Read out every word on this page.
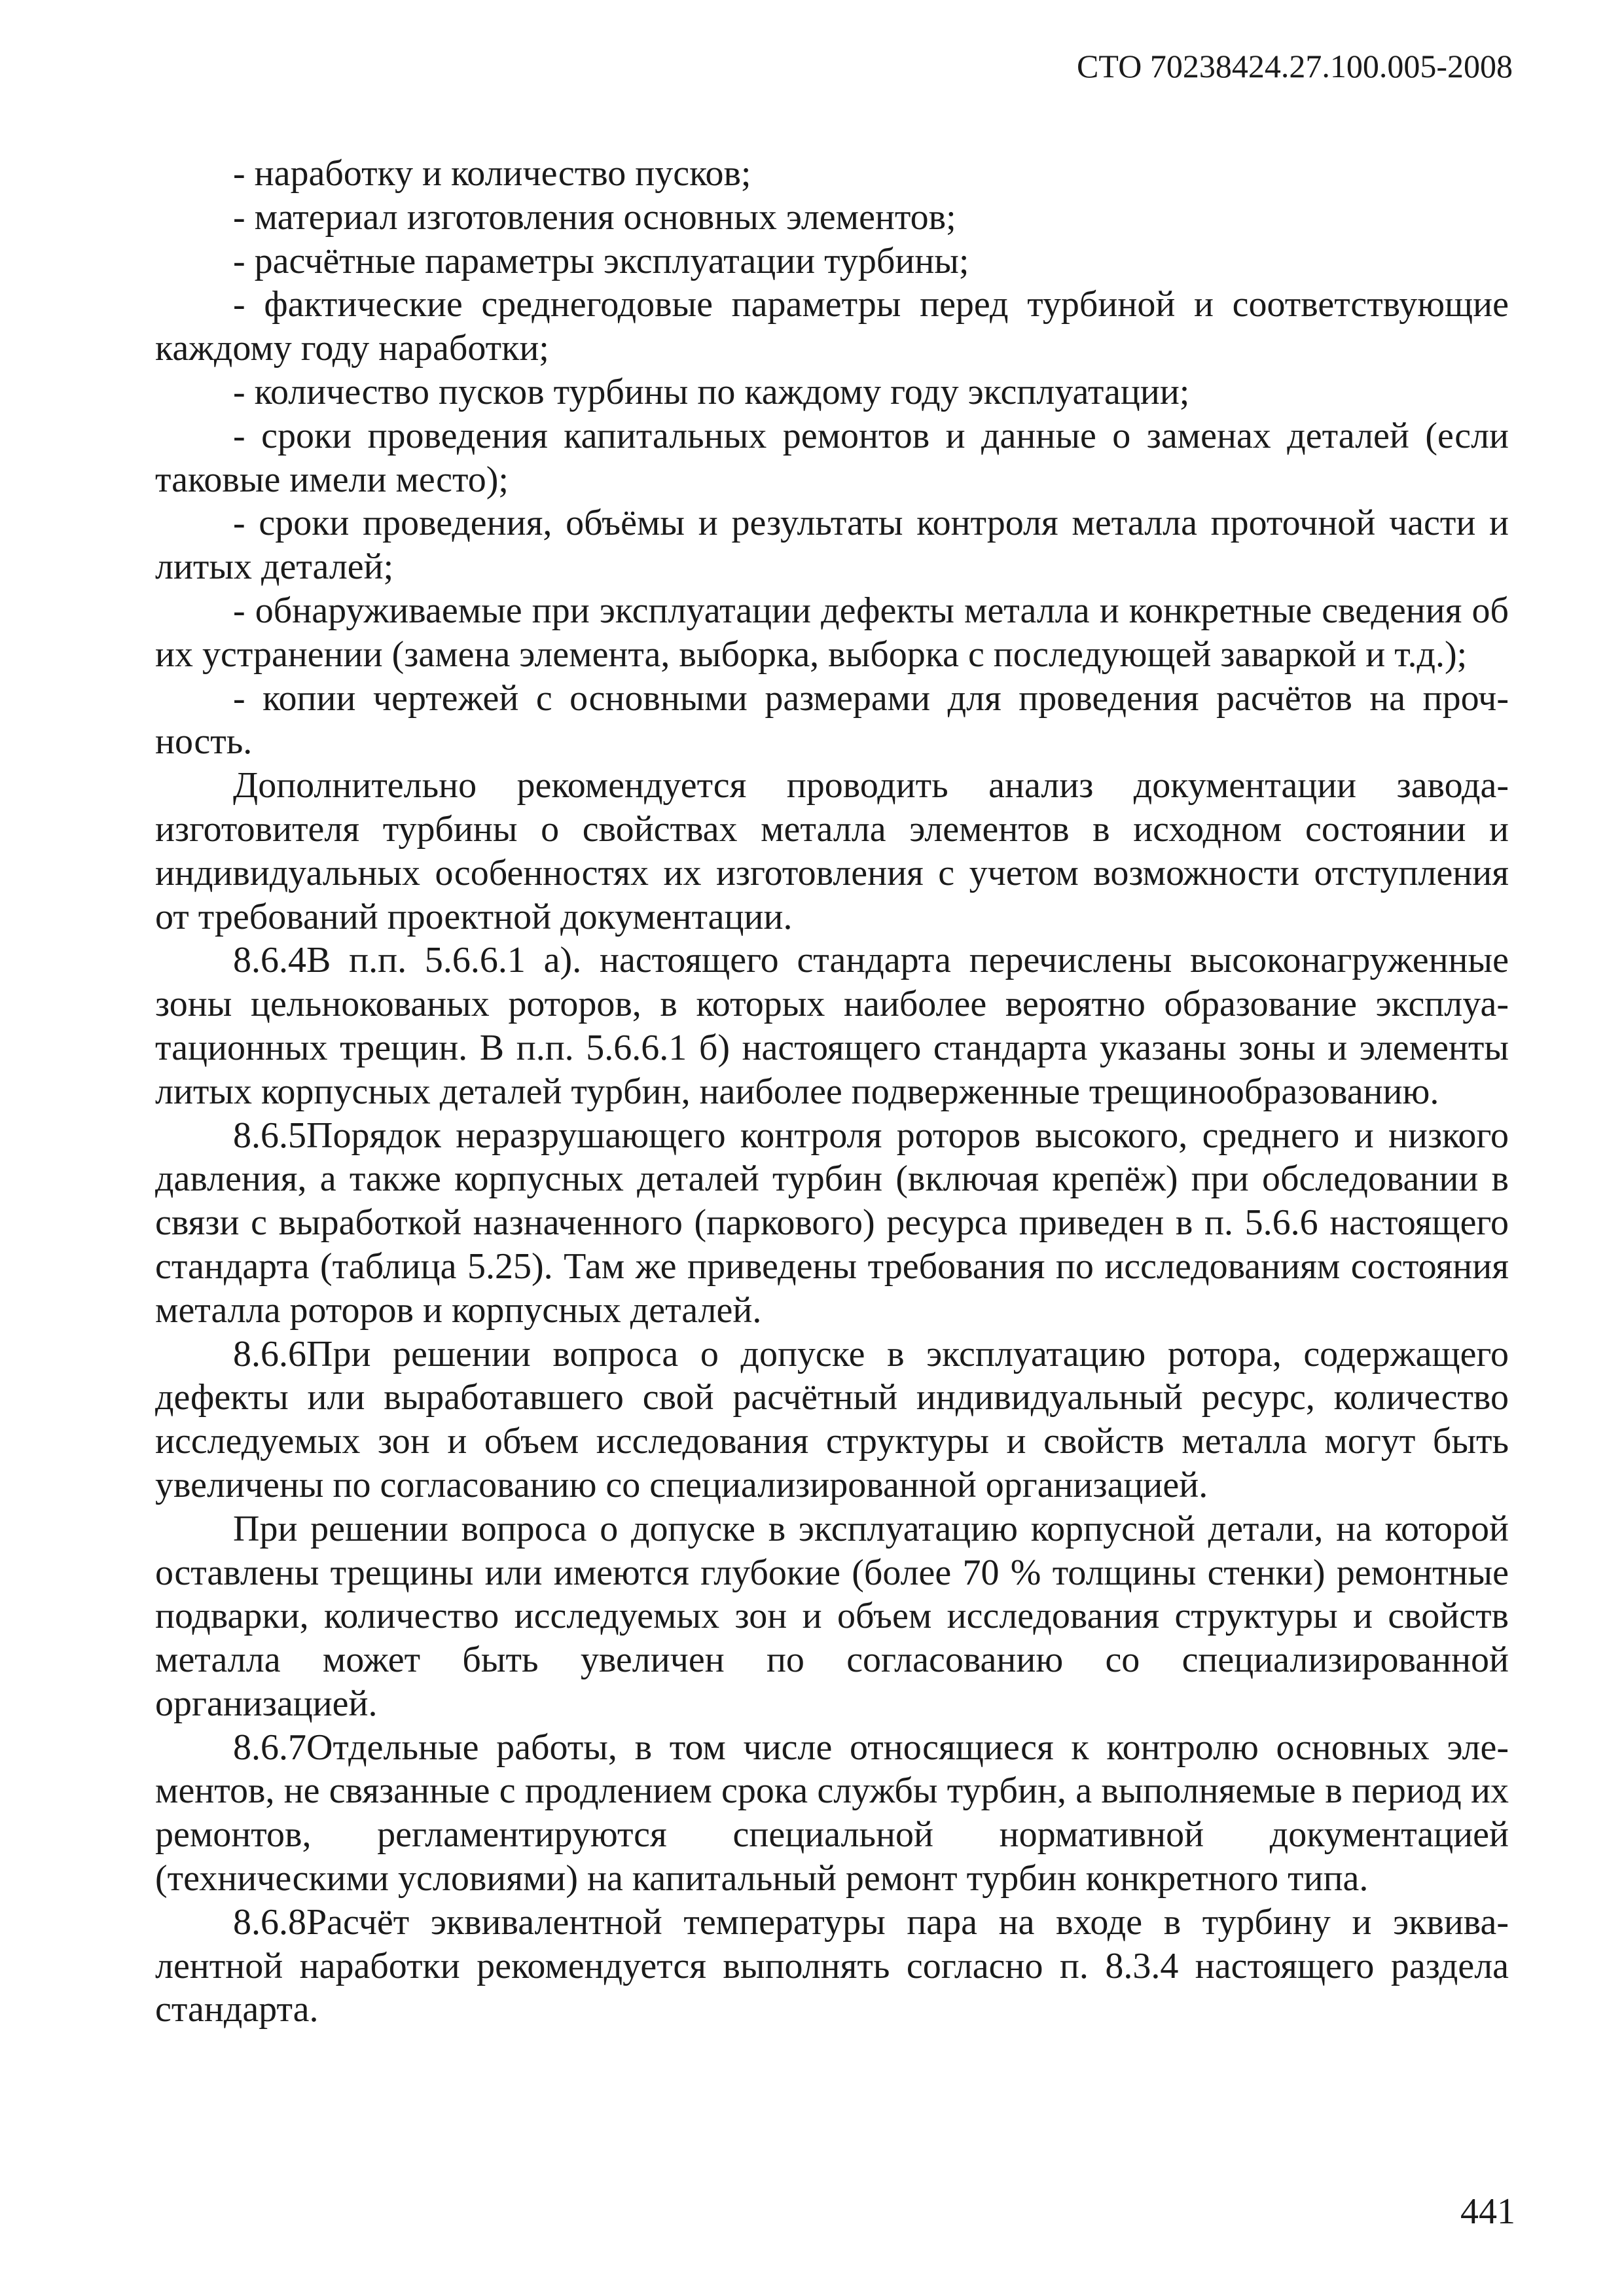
СТО 70238424.27.100.005-2008

- наработку и количество пусков;

- материал изготовления основных элементов;

- расчётные параметры эксплуатации турбины;

- фактические среднегодовые параметры перед турбиной и соответствующие каждому году наработки;

- количество пусков турбины по каждому году эксплуатации;

- сроки проведения капитальных ремонтов и данные о заменах деталей (если таковые имели место);

- сроки проведения, объёмы и результаты контроля металла проточной части и литых деталей;

- обнаруживаемые при эксплуатации дефекты металла и конкретные сведения об их устранении (замена элемента, выборка, выборка с последующей заваркой и т.д.);

- копии чертежей с основными размерами для проведения расчётов на прочность.

Дополнительно рекомендуется проводить анализ документации завода-изготовителя турбины о свойствах металла элементов в исходном состоянии и индивидуальных особенностях их изготовления с учетом возможности отступления от требований проектной документации.

8.6.4В п.п. 5.6.6.1 а). настоящего стандарта перечислены высоконагруженные зоны цельнокованых роторов, в которых наиболее вероятно образование эксплуатационных трещин. В п.п. 5.6.6.1 б) настоящего стандарта указаны зоны и элементы литых корпусных деталей турбин, наиболее подверженные трещинообразованию.

8.6.5Порядок неразрушающего контроля роторов высокого, среднего и низкого давления, а также корпусных деталей турбин (включая крепёж) при обследовании в связи с выработкой назначенного (паркового) ресурса приведен в п. 5.6.6 настоящего стандарта (таблица 5.25). Там же приведены требования по исследованиям состояния металла роторов и корпусных деталей.

8.6.6При решении вопроса о допуске в эксплуатацию ротора, содержащего дефекты или выработавшего свой расчётный индивидуальный ресурс, количество исследуемых зон и объем исследования структуры и свойств металла могут быть увеличены по согласованию со специализированной организацией.

При решении вопроса о допуске в эксплуатацию корпусной детали, на которой оставлены трещины или имеются глубокие (более 70 % толщины стенки) ремонтные подварки, количество исследуемых зон и объем исследования структуры и свойств металла может быть увеличен по согласованию со специализированной организацией.

8.6.7Отдельные работы, в том числе относящиеся к контролю основных элементов, не связанные с продлением срока службы турбин, а выполняемые в период их ремонтов, регламентируются специальной нормативной документацией (техническими условиями) на капитальный ремонт турбин конкретного типа.

8.6.8Расчёт эквивалентной температуры пара на входе в турбину и эквивалентной наработки рекомендуется выполнять согласно п. 8.3.4 настоящего раздела стандарта.

441
